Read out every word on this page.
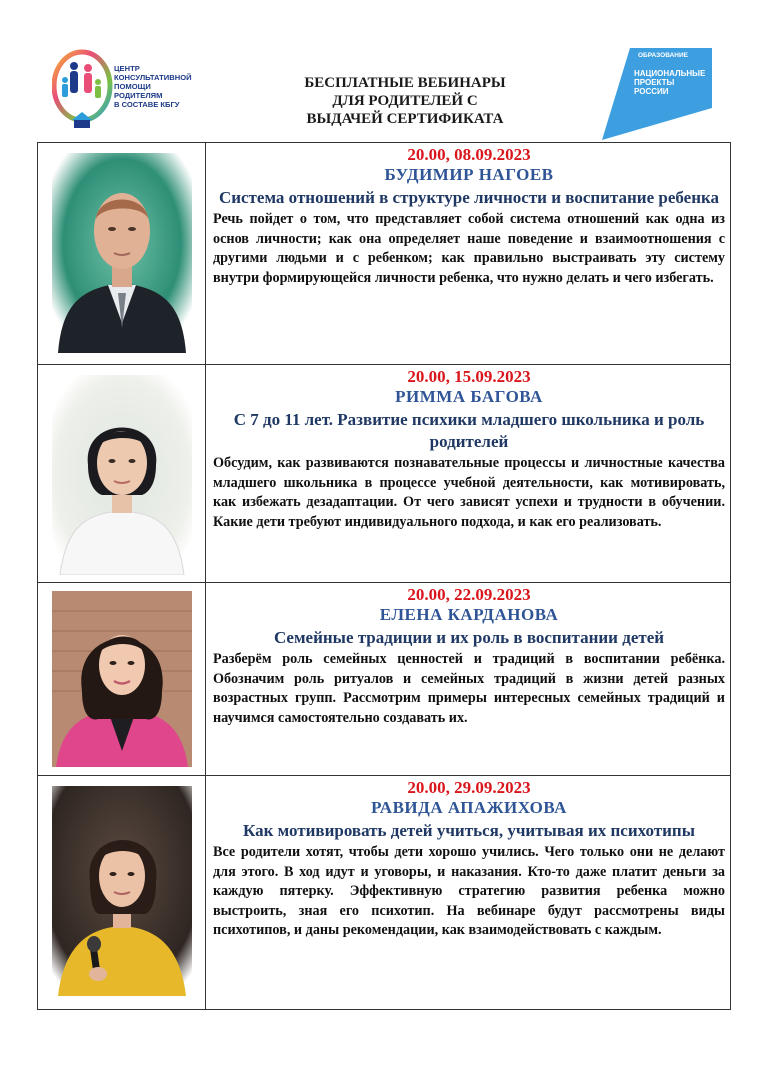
ЦЕНТР
КОНСУЛЬТАТИВНОЙ
ПОМОЩИ
РОДИТЕЛЯМ
В СОСТАВЕ КБГУ
БЕСПЛАТНЫЕ ВЕБИНАРЫ
ДЛЯ РОДИТЕЛЕЙ С
ВЫДАЧЕЙ СЕРТИФИКАТА
ОБРАЗОВАНИЕ
НАЦИОНАЛЬНЫЕ
ПРОЕКТЫ
РОССИИ

20.00, 08.09.2023
БУДИМИР НАГОЕВ
Система отношений в структуре личности и воспитание ребенка
Речь пойдет о том, что представляет собой система отношений как одна из основ личности; как она определяет наше поведение и взаимоотношения с другими людьми и с ребенком; как правильно выстраивать эту систему внутри формирующейся личности ребенка, что нужно делать и чего избегать.

20.00, 15.09.2023
РИММА БАГОВА
С 7 до 11 лет. Развитие психики младшего школьника и роль родителей
Обсудим, как развиваются познавательные процессы и личностные качества младшего школьника в процессе учебной деятельности, как мотивировать, как избежать дезадаптации. От чего зависят успехи и трудности в обучении. Какие дети требуют индивидуального подхода, и как его реализовать.

20.00, 22.09.2023
ЕЛЕНА КАРДАНОВА
Семейные традиции и их роль в воспитании детей
Разберём роль семейных ценностей и традиций в воспитании ребёнка. Обозначим роль ритуалов и семейных традиций в жизни детей разных возрастных групп. Рассмотрим примеры интересных семейных традиций и научимся самостоятельно создавать их.

20.00, 29.09.2023
РАВИДА АПАЖИХОВА
Как мотивировать детей учиться, учитывая их психотипы
Все родители хотят, чтобы дети хорошо учились. Чего только они не делают для этого. В ход идут и уговоры, и наказания. Кто-то даже платит деньги за каждую пятерку. Эффективную стратегию развития ребенка можно выстроить, зная его психотип. На вебинаре будут рассмотрены виды психотипов, и даны рекомендации, как взаимодействовать с каждым.
